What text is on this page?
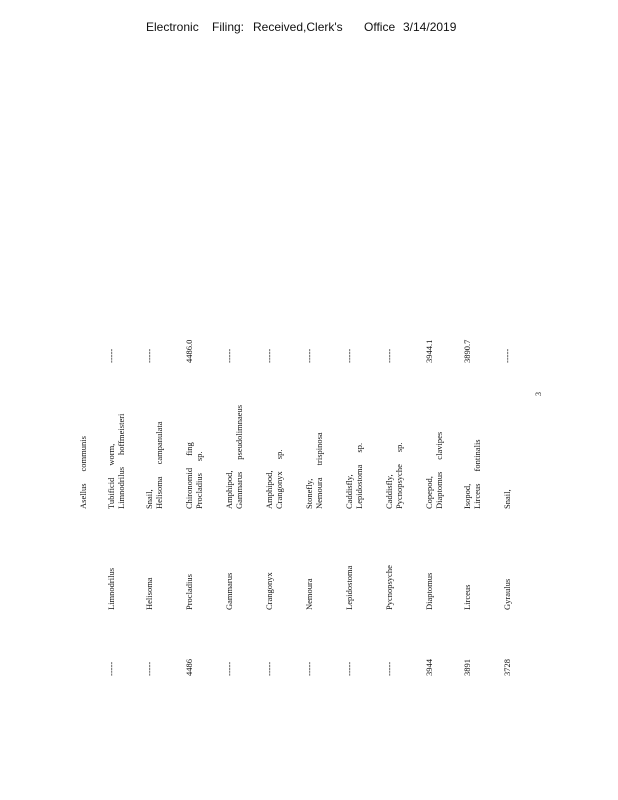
Electronic Filing: Received,Clerk's Office 3/14/2019
3
Aselluscommunis
-----
Limnodrilus
Tubificidworm,
Limnodrilushoffmeisteri
-----
-----
Helisoma
Snail, Helisomacampanulata
-----
4486
Procladius
Chironomidfing
Procladiussp.
4486.0
-----
Gammarus
Amphipod, Gammaruspseudolimnaeus
-----
-----
Crangonyx
Amphipod, Crangonyxsp.
-----
-----
Nemoura
Stonefly, Nemouratrispinosa
-----
-----
Lepidostoma
Caddisfly, Lepidostomasp.
-----
-----
Pycnopsyche
Caddisfly, Pycnopsychesp.
-----
3944
Diaptomus
Copepod, Diaptomusclavipes
3944.1
3891
Lirceus
Isopod, Lirceusfontinalis
3890.7
3728
Gyraulus
Snail,
-----
